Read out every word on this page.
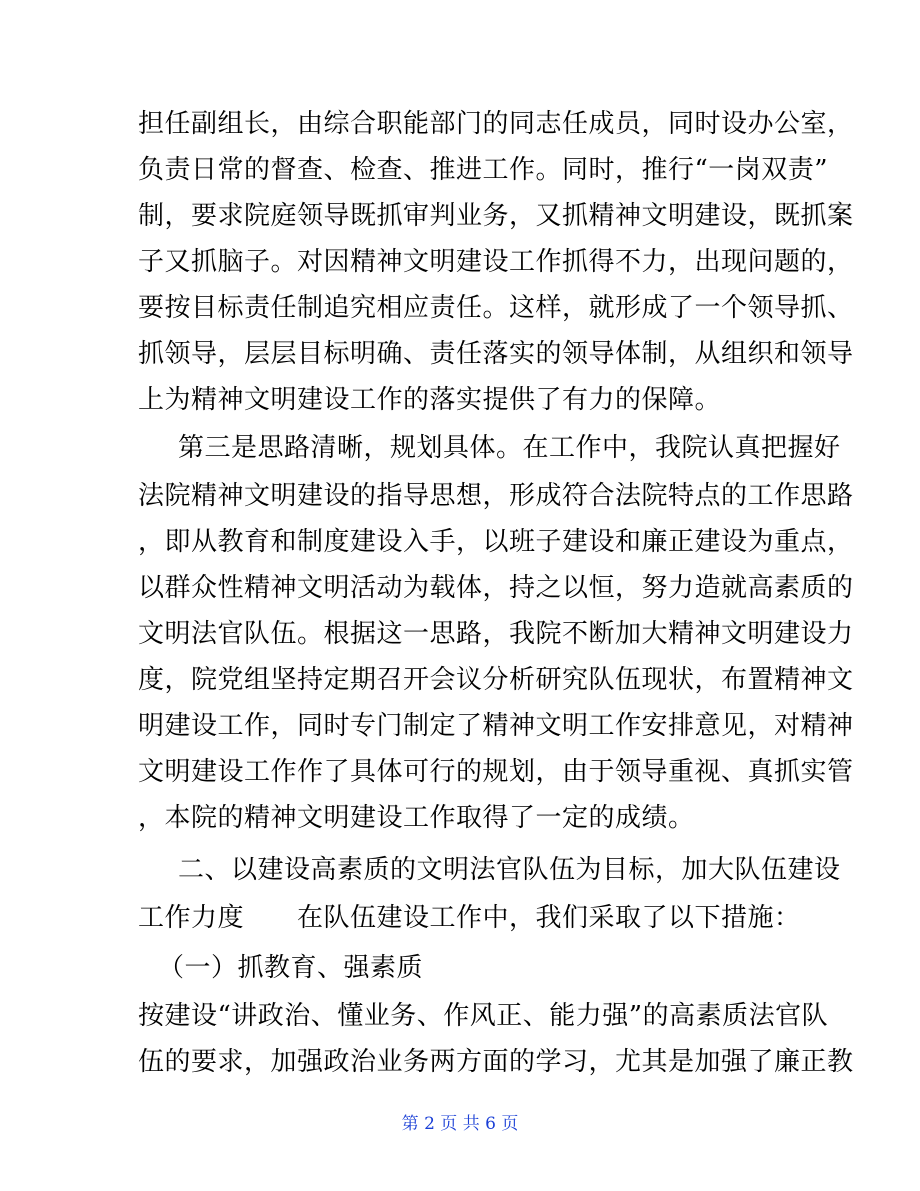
担任副组长，由综合职能部门的同志任成员，同时设办公室，
负责日常的督查、检查、推进工作。同时，推行“一岗双责”
制，要求院庭领导既抓审判业务，又抓精神文明建设，既抓案
子又抓脑子。对因精神文明建设工作抓得不力，出现问题的，
要按目标责任制追究相应责任。这样，就形成了一个领导抓、
抓领导，层层目标明确、责任落实的领导体制，从组织和领导
上为精神文明建设工作的落实提供了有力的保障。
第三是思路清晰，规划具体。在工作中，我院认真把握好
法院精神文明建设的指导思想，形成符合法院特点的工作思路
，即从教育和制度建设入手，以班子建设和廉正建设为重点，
以群众性精神文明活动为载体，持之以恒，努力造就高素质的
文明法官队伍。根据这一思路，我院不断加大精神文明建设力
度，院党组坚持定期召开会议分析研究队伍现状，布置精神文
明建设工作，同时专门制定了精神文明工作安排意见，对精神
文明建设工作作了具体可行的规划，由于领导重视、真抓实管
，本院的精神文明建设工作取得了一定的成绩。
二、以建设高素质的文明法官队伍为目标，加大队伍建设
工作力度　　在队伍建设工作中，我们采取了以下措施：
（一）抓教育、强素质
按建设“讲政治、懂业务、作风正、能力强”的高素质法官队
伍的要求，加强政治业务两方面的学习，尤其是加强了廉正教
第 2 页 共 6 页
